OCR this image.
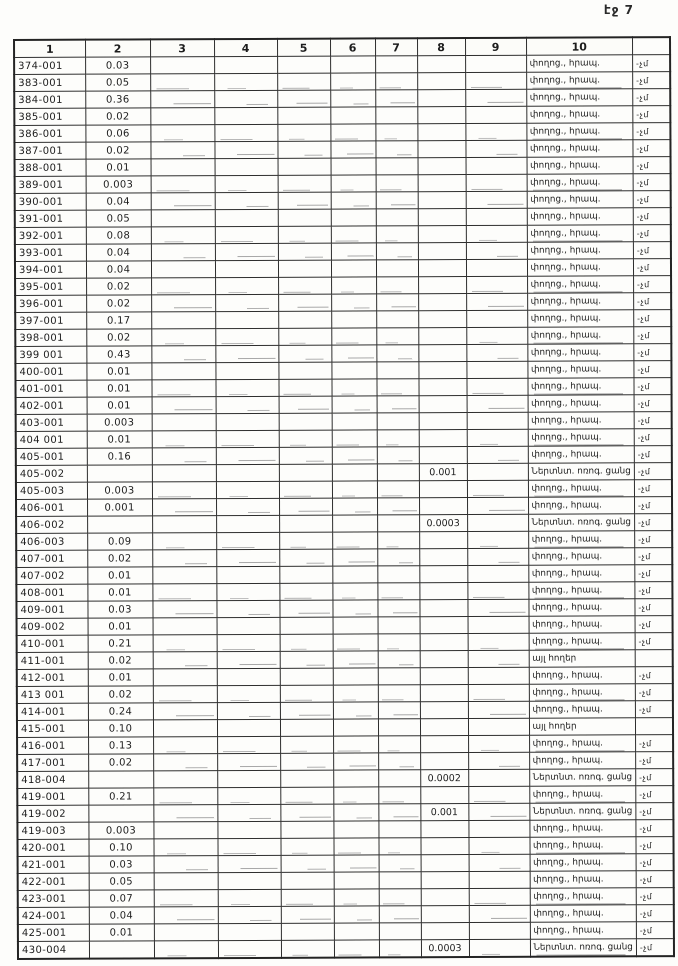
էջ 7
1	2	3	4	5	6	7	8	9	10	
374-001	0.03								փողոց., հրապ.	-չմ
383-001	0.05								փողոց., հրապ.	-չմ
384-001	0.36								փողոց., հրապ.	-չմ
385-001	0.02								փողոց., հրապ.	-չմ
386-001	0.06								փողոց., հրապ.	-չմ
387-001	0.02								փողոց., հրապ.	-չմ
388-001	0.01								փողոց., հրապ.	-չմ
389-001	0.003								փողոց., հրապ.	-չմ
390-001	0.04								փողոց., հրապ.	-չմ
391-001	0.05								փողոց., հրապ.	-չմ
392-001	0.08								փողոց., հրապ.	-չմ
393-001	0.04								փողոց., հրապ.	-չմ
394-001	0.04								փողոց., հրապ.	-չմ
395-001	0.02								փողոց., հրապ.	-չմ
396-001	0.02								փողոց., հրապ.	-չմ
397-001	0.17								փողոց., հրապ.	-չմ
398-001	0.02								փողոց., հրապ.	-չմ
399 001	0.43								փողոց., հրապ.	-չմ
400-001	0.01								փողոց., հրապ.	-չմ
401-001	0.01								փողոց., հրապ.	-չմ
402-001	0.01								փողոց., հրապ.	-չմ
403-001	0.003								փողոց., հրապ.	-չմ
404 001	0.01								փողոց., հրապ.	-չմ
405-001	0.16								փողոց., հրապ.	-չմ
405-002							0.001		Ներտնտ. ոռոգ. ցանց	-չմ
405-003	0.003								փողոց., հրապ.	-չմ
406-001	0.001								փողոց., հրապ.	-չմ
406-002							0.0003		Ներտնտ. ոռոգ. ցանց	-չմ
406-003	0.09								փողոց., հրապ.	-չմ
407-001	0.02								փողոց., հրապ.	-չմ
407-002	0.01								փողոց., հրապ.	-չմ
408-001	0.01								փողոց., հրապ.	-չմ
409-001	0.03								փողոց., հրապ.	-չմ
409-002	0.01								փողոց., հրապ.	-չմ
410-001	0.21								փողոց., հրապ.	-չմ
411-001	0.02								այլ հողեր	
412-001	0.01								փողոց., հրապ.	-չմ
413 001	0.02								փողոց., հրապ.	-չմ
414-001	0.24								փողոց., հրապ.	-չմ
415-001	0.10								այլ հողեր	
416-001	0.13								փողոց., հրապ.	-չմ
417-001	0.02								փողոց., հրապ.	-չմ
418-004							0.0002		Ներտնտ. ոռոգ. ցանց	-չմ
419-001	0.21								փողոց., հրապ.	-չմ
419-002							0.001		Ներտնտ. ոռոգ. ցանց	-չմ
419-003	0.003								փողոց., հրապ.	-չմ
420-001	0.10								փողոց., հրապ.	-չմ
421-001	0.03								փողոց., հրապ.	-չմ
422-001	0.05								փողոց., հրապ.	-չմ
423-001	0.07								փողոց., հրապ.	-չմ
424-001	0.04								փողոց., հրապ.	-չմ
425-001	0.01								փողոց., հրապ.	-չմ
430-004							0.0003		Ներտնտ. ոռոգ. ցանց	-չմ
